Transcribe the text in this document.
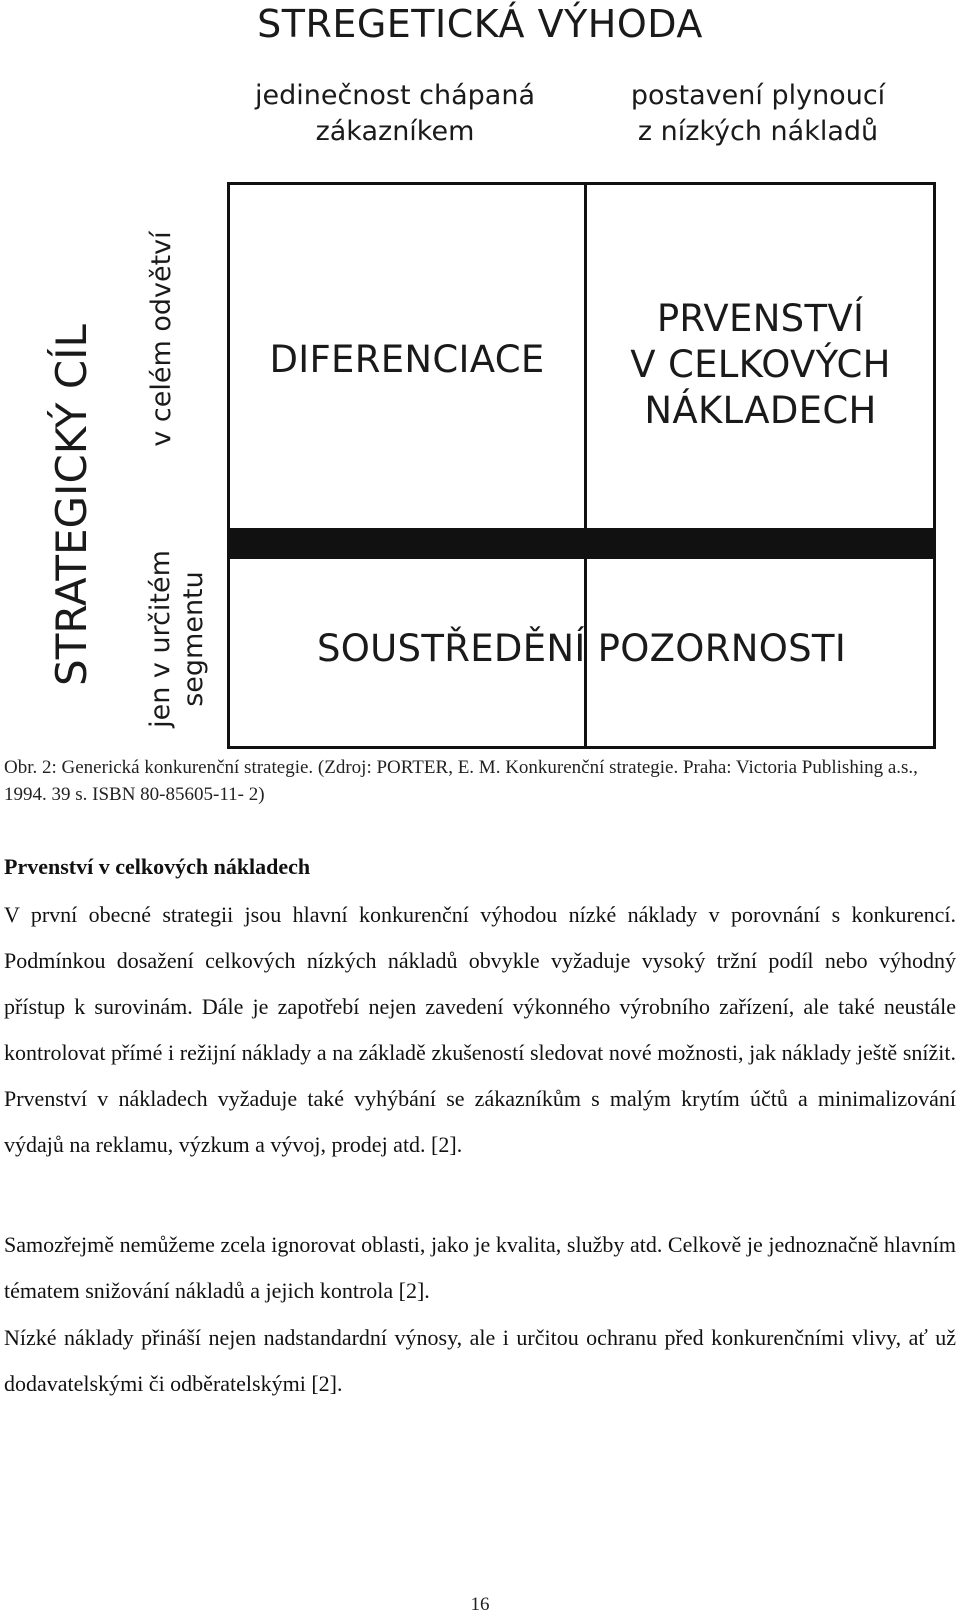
STREGETICKÁ VÝHODA
jedinečnost chápaná
zákazníkem
postavení plynoucí
z nízkých nákladů
STRATEGICKÝ CÍL v celém odvětví
jen v určitém segmentu
DIFERENCIACE
PRVENSTVÍ
V CELKOVÝCH
NÁKLADECH
SOUSTŘEDĚNÍ POZORNOSTI
Obr. 2: Generická konkurenční strategie. (Zdroj: PORTER, E. M. Konkurenční strategie. Praha: Victoria Publishing a.s., 1994. 39 s. ISBN 80-85605-11- 2)
Prvenství v celkových nákladech

V první obecné strategii jsou hlavní konkurenční výhodou nízké náklady v porovnání s konkurencí. Podmínkou dosažení celkových nízkých nákladů obvykle vyžaduje vysoký tržní podíl nebo výhodný přístup k surovinám. Dále je zapotřebí nejen zavedení výkonného výrobního zařízení, ale také neustále kontrolovat přímé i režijní náklady a na základě zkušeností sledovat nové možnosti, jak náklady ještě snížit. Prvenství v nákladech vyžaduje také vyhýbání se zákazníkům s malým krytím účtů a minimalizování výdajů na reklamu, výzkum a vývoj, prodej atd. [2].

Samozřejmě nemůžeme zcela ignorovat oblasti, jako je kvalita, služby atd. Celkově je jednoznačně hlavním tématem snižování nákladů a jejich kontrola [2].

Nízké náklady přináší nejen nadstandardní výnosy, ale i určitou ochranu před konkurenčními vlivy, ať už dodavatelskými či odběratelskými [2].

16
